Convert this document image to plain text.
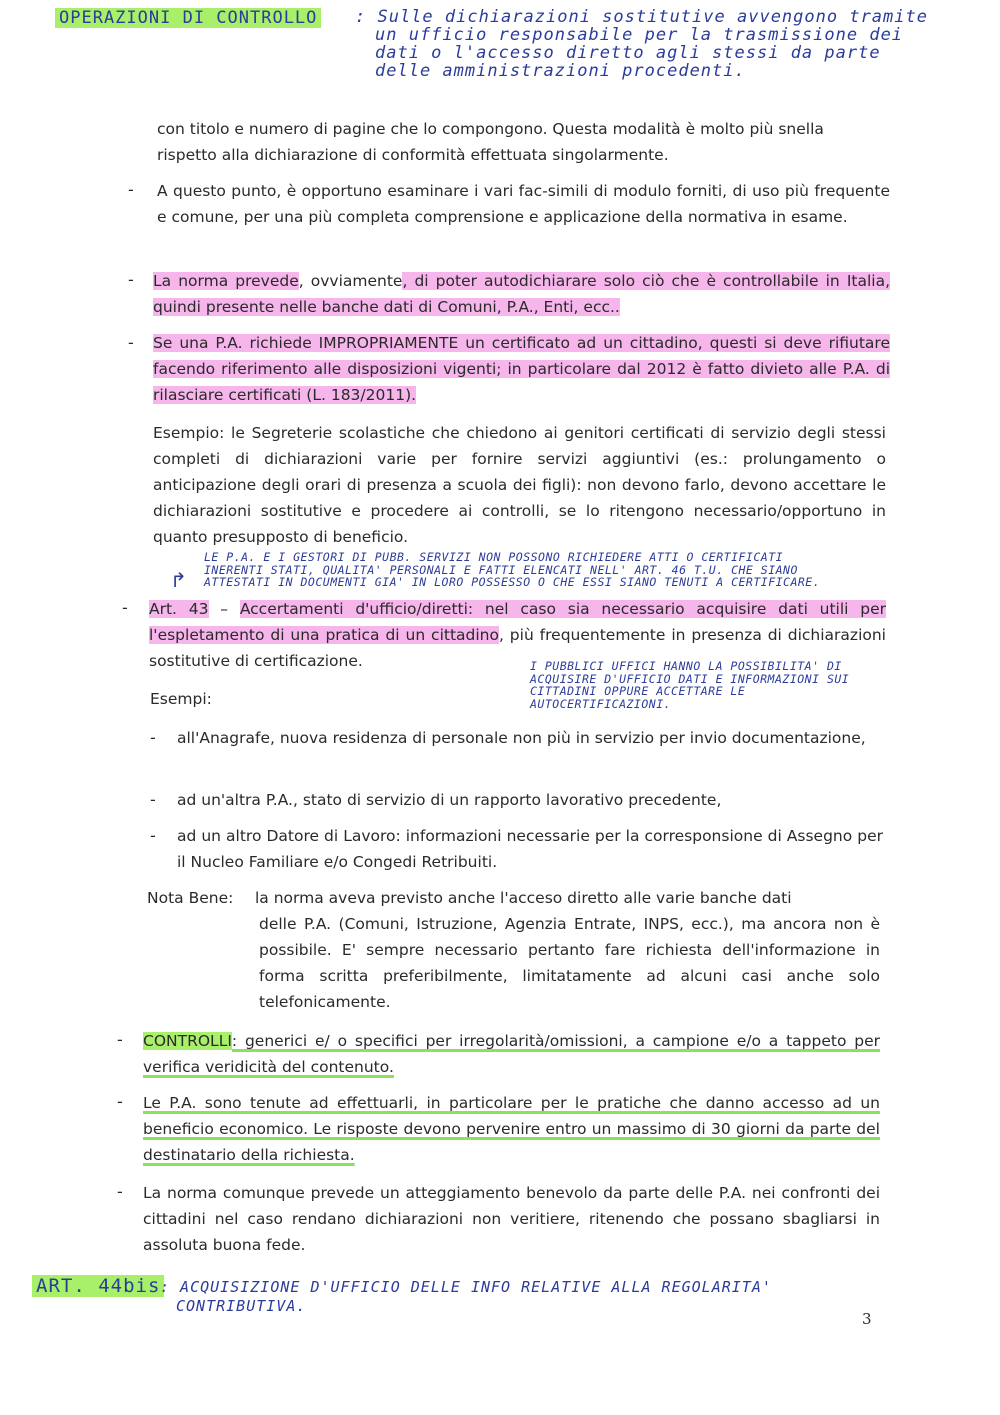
OPERAZIONI DI CONTROLLO : Sulle dichiarazioni sostitutive avvengono tramite
un ufficio responsabile per la trasmissione dei
dati o l'accesso diretto agli stessi da parte
delle amministrazioni procedenti.
con titolo e numero di pagine che lo compongono. Questa modalità è molto più snella
rispetto alla dichiarazione di conformità effettuata singolarmente.
- A questo punto, è opportuno esaminare i vari fac-simili di modulo forniti, di uso più frequente e comune, per una più completa comprensione e applicazione della normativa in esame.
- La norma prevede, ovviamente, di poter autodichiarare solo ciò che è controllabile in Italia, quindi presente nelle banche dati di Comuni, P.A., Enti, ecc..
- Se una P.A. richiede IMPROPRIAMENTE un certificato ad un cittadino, questi si deve rifiutare facendo riferimento alle disposizioni vigenti; in particolare dal 2012 è fatto divieto alle P.A. di rilasciare certificati (L. 183/2011).
Esempio: le Segreterie scolastiche che chiedono ai genitori certificati di servizio degli stessi completi di dichiarazioni varie per fornire servizi aggiuntivi (es.: prolungamento o anticipazione degli orari di presenza a scuola dei figli): non devono farlo, devono accettare le dichiarazioni sostitutive e procedere ai controlli, se lo ritengono necessario/opportuno in quanto presupposto di beneficio.
↱
LE P.A. E I GESTORI DI PUBB. SERVIZI NON POSSONO RICHIEDERE ATTI O CERTIFICATI
INERENTI STATI, QUALITA' PERSONALI E FATTI ELENCATI NELL' ART. 46 T.U. CHE SIANO
ATTESTATI IN DOCUMENTI GIA' IN LORO POSSESSO O CHE ESSI SIANO TENUTI A CERTIFICARE.
- Art. 43 – Accertamenti d'ufficio/diretti: nel caso sia necessario acquisire dati utili per l'espletamento di una pratica di un cittadino, più frequentemente in presenza di dichiarazioni sostitutive di certificazione.	I PUBBLICI UFFICI HANNO LA POSSIBILITA' DI
ACQUISIRE D'UFFICIO DATI E INFORMAZIONI SUI
CITTADINI OPPURE ACCETTARE LE
AUTOCERTIFICAZIONI.
Esempi:
- all'Anagrafe, nuova residenza di personale non più in servizio per invio documentazione,
- ad un'altra P.A., stato di servizio di un rapporto lavorativo precedente,
- ad un altro Datore di Lavoro: informazioni necessarie per la corresponsione di Assegno per il Nucleo Familiare e/o Congedi Retribuiti.
Nota Bene: la norma aveva previsto anche l'acceso diretto alle varie banche dati
delle P.A. (Comuni, Istruzione, Agenzia Entrate, INPS, ecc.), ma ancora non è possibile. E' sempre necessario pertanto fare richiesta dell'informazione in forma scritta preferibilmente, limitatamente ad alcuni casi anche solo telefonicamente.
- CONTROLLI: generici e/ o specifici per irregolarità/omissioni, a campione e/o a tappeto per verifica veridicità del contenuto.
- Le P.A. sono tenute ad effettuarli, in particolare per le pratiche che danno accesso ad un beneficio economico. Le risposte devono pervenire entro un massimo di 30 giorni da parte del destinatario della richiesta.
- La norma comunque prevede un atteggiamento benevolo da parte delle P.A. nei confronti dei cittadini nel caso rendano dichiarazioni non veritiere, ritenendo che possano sbagliarsi in assoluta buona fede.
ART. 44bis : ACQUISIZIONE D'UFFICIO DELLE INFO RELATIVE ALLA REGOLARITA'
CONTRIBUTIVA.
3
